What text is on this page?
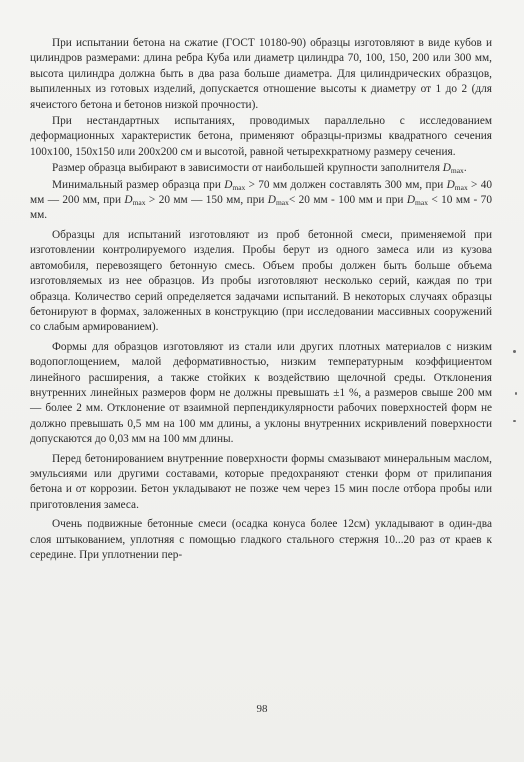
При испытании бетона на сжатие (ГОСТ 10180-90) образцы изготовляют в виде кубов и цилиндров размерами: длина ребра Куба или диаметр цилиндра 70, 100, 150, 200 или 300 мм, высота цилиндра должна быть в два раза больше диаметра. Для цилиндрических образцов, выпиленных из готовых изделий, допускается отношение высоты к диаметру от 1 до 2 (для ячеистого бетона и бетонов низкой прочности).

При нестандартных испытаниях, проводимых параллельно с исследованием деформационных характеристик бетона, применяют образцы-призмы квадратного сечения 100х100, 150х150 или 200х200 см и высотой, равной четырехкратному размеру сечения.

Размер образца выбирают в зависимости от наибольшей крупности заполнителя $D_{max}$.

Минимальный размер образца при $D_{max} > 70$ мм должен составлять 300 мм, при $D_{max} > 40$ мм — 200 мм, при $D_{max} > 20$ мм — 150 мм, при $D_{max}< 20$ мм - 100 мм и при $D_{max} < 10$ мм - 70 мм.

Образцы для испытаний изготовляют из проб бетонной смеси, применяемой при изготовлении контролируемого изделия. Пробы берут из одного замеса или из кузова автомобиля, перевозящего бетонную смесь. Объем пробы должен быть больше объема изготовляемых из нее образцов. Из пробы изготовляют несколько серий, каждая по три образца. Количество серий определяется задачами испытаний. В некоторых случаях образцы бетонируют в формах, заложенных в конструкцию (при исследовании массивных сооружений со слабым армированием).

Формы для образцов изготовляют из стали или других плотных материалов с низким водопоглощением, малой деформативностью, низким температурным коэффициентом линейного расширения, а также стойких к воздействию щелочной среды. Отклонения внутренних линейных размеров форм не должны превышать ±1 %, а размеров свыше 200 мм — более 2 мм. Отклонение от взаимной перпендикулярности рабочих поверхностей форм не должно превышать 0,5 мм на 100 мм длины, а уклоны внутренних искривлений поверхности допускаются до 0,03 мм на 100 мм длины.

Перед бетонированием внутренние поверхности формы смазывают минеральным маслом, эмульсиями или другими составами, которые предохраняют стенки форм от прилипания бетона и от коррозии. Бетон укладывают не позже чем через 15 мин после отбора пробы или приготовления замеса.

Очень подвижные бетонные смеси (осадка конуса более 12см) укладывают в один-два слоя штыкованием, уплотняя с помощью гладкого стального стержня 10...20 раз от краев к середине. При уплотнении пер-

98
